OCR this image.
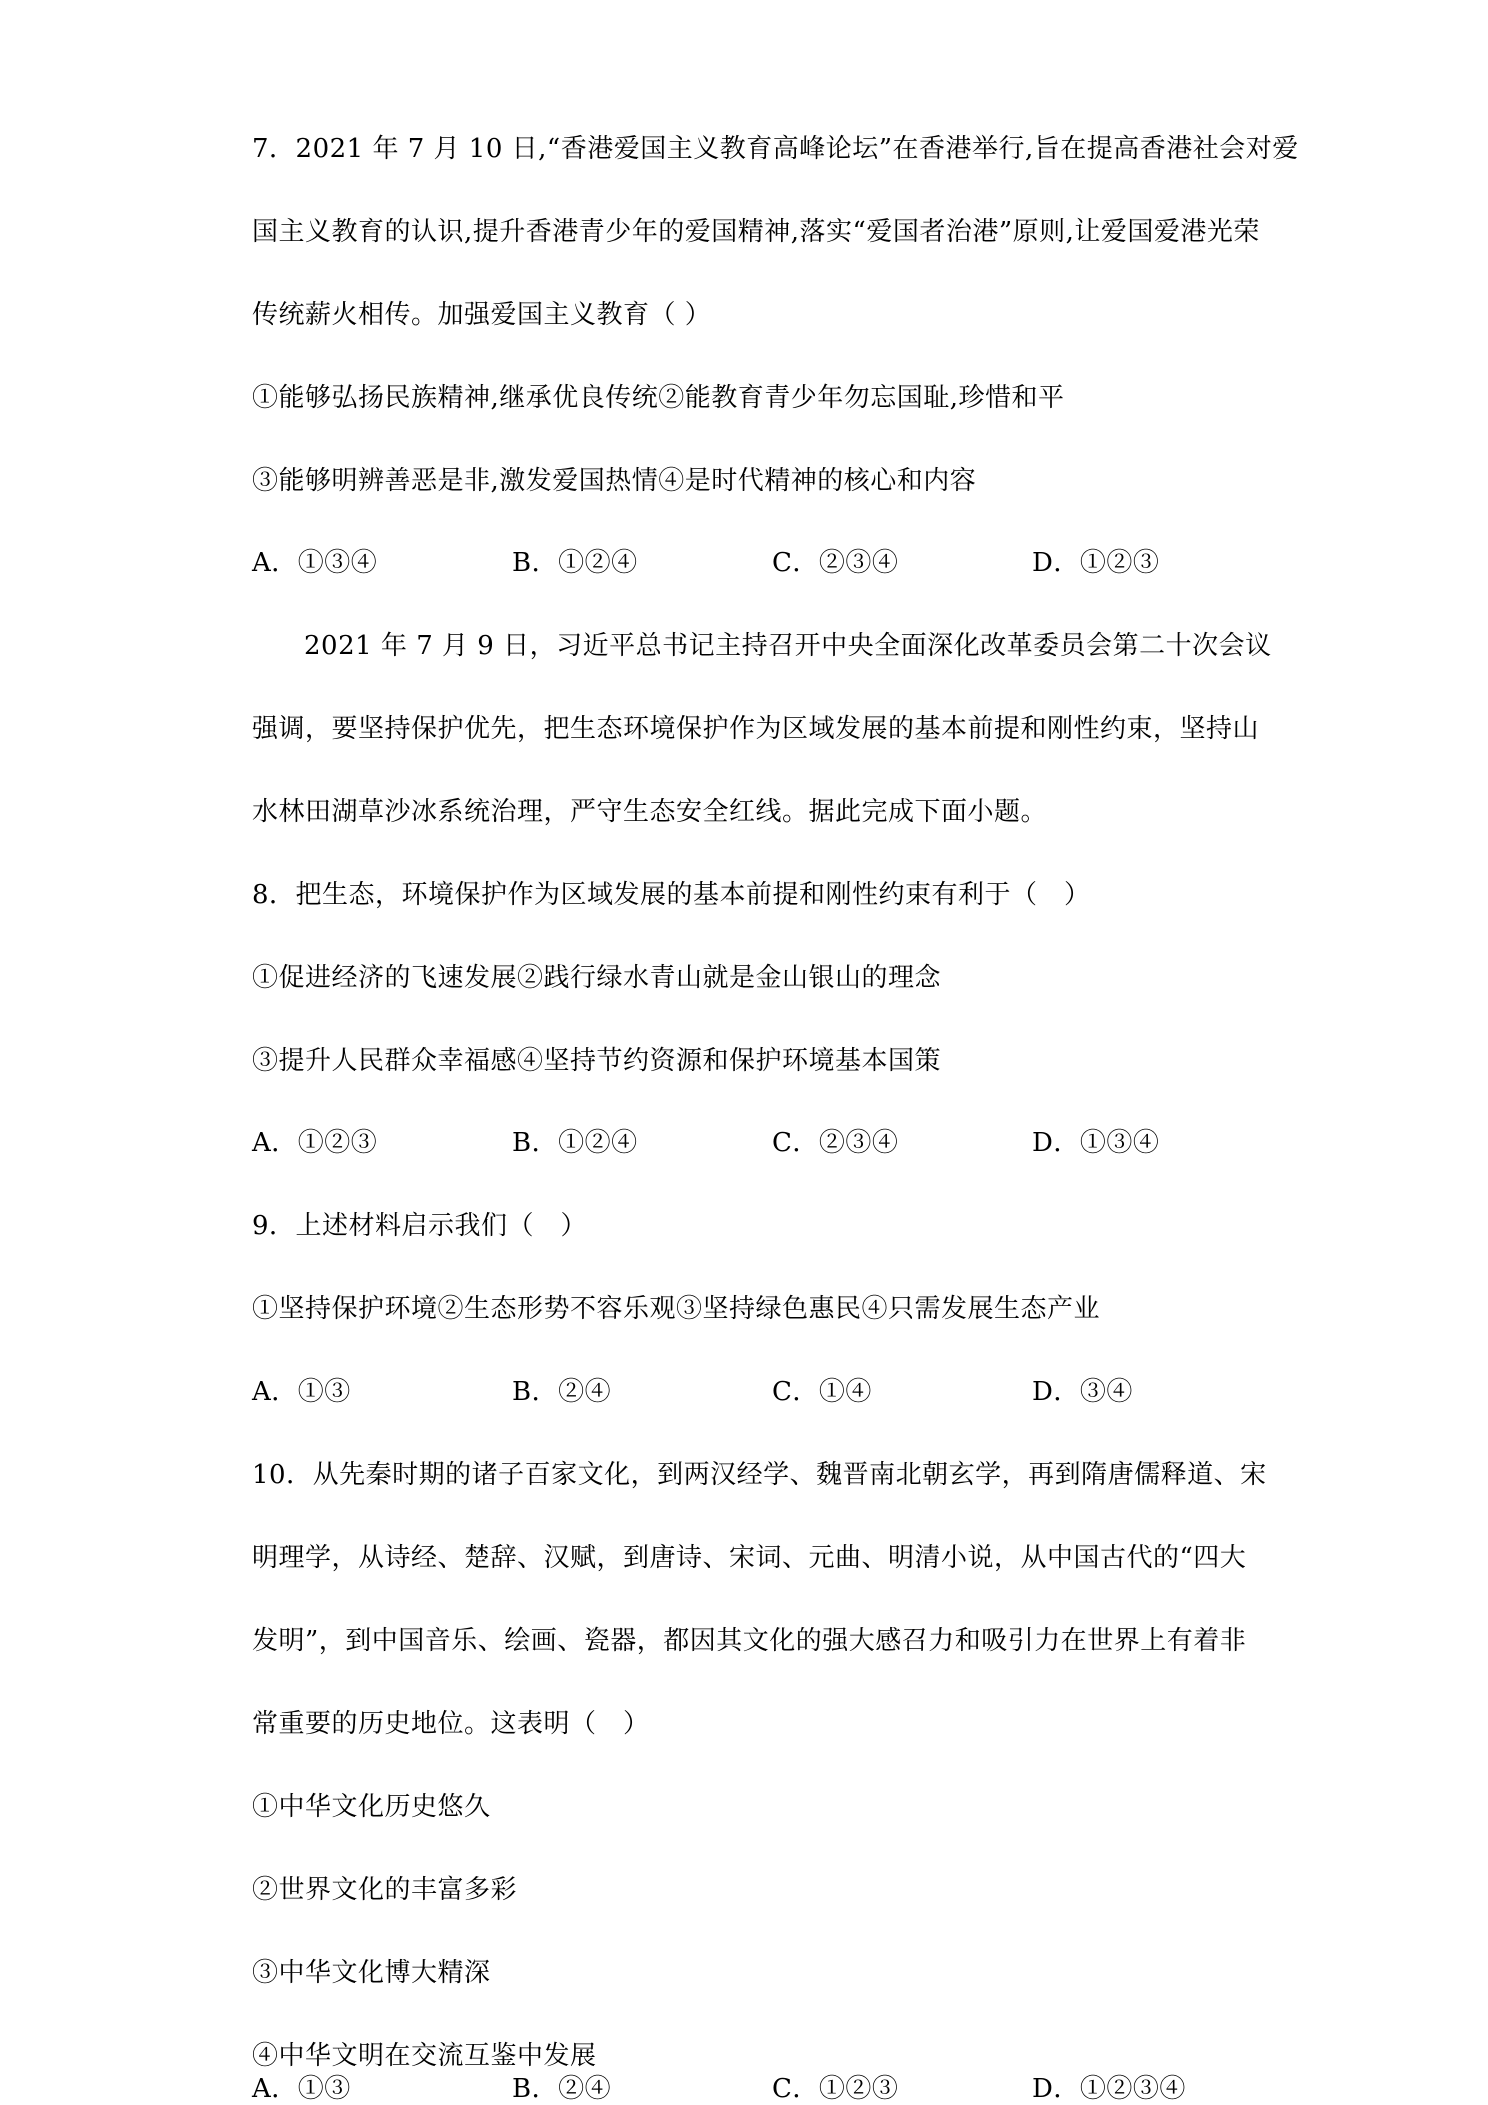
7．2021 年 7 月 10 日,“香港爱国主义教育高峰论坛”在香港举行,旨在提高香港社会对爱
国主义教育的认识,提升香港青少年的爱国精神,落实“爱国者治港”原则,让爱国爱港光荣
传统薪火相传。加强爱国主义教育（ ）
①能够弘扬民族精神,继承优良传统②能教育青少年勿忘国耻,珍惜和平
③能够明辨善恶是非,激发爱国热情④是时代精神的核心和内容
A．①③④	B．①②④	C．②③④	D．①②③
2021 年 7 月 9 日，习近平总书记主持召开中央全面深化改革委员会第二十次会议
强调，要坚持保护优先，把生态环境保护作为区域发展的基本前提和刚性约束，坚持山
水林田湖草沙冰系统治理，严守生态安全红线。据此完成下面小题。
8．把生态，环境保护作为区域发展的基本前提和刚性约束有利于（　）
①促进经济的飞速发展②践行绿水青山就是金山银山的理念
③提升人民群众幸福感④坚持节约资源和保护环境基本国策
A．①②③	B．①②④	C．②③④	D．①③④
9．上述材料启示我们（　）
①坚持保护环境②生态形势不容乐观③坚持绿色惠民④只需发展生态产业
A．①③	B．②④	C．①④	D．③④
10．从先秦时期的诸子百家文化，到两汉经学、魏晋南北朝玄学，再到隋唐儒释道、宋
明理学，从诗经、楚辞、汉赋，到唐诗、宋词、元曲、明清小说，从中国古代的“四大
发明”，到中国音乐、绘画、瓷器，都因其文化的强大感召力和吸引力在世界上有着非
常重要的历史地位。这表明（　）
①中华文化历史悠久
②世界文化的丰富多彩
③中华文化博大精深
④中华文明在交流互鉴中发展
A．①③	B．②④	C．①②③	D．①②③④
